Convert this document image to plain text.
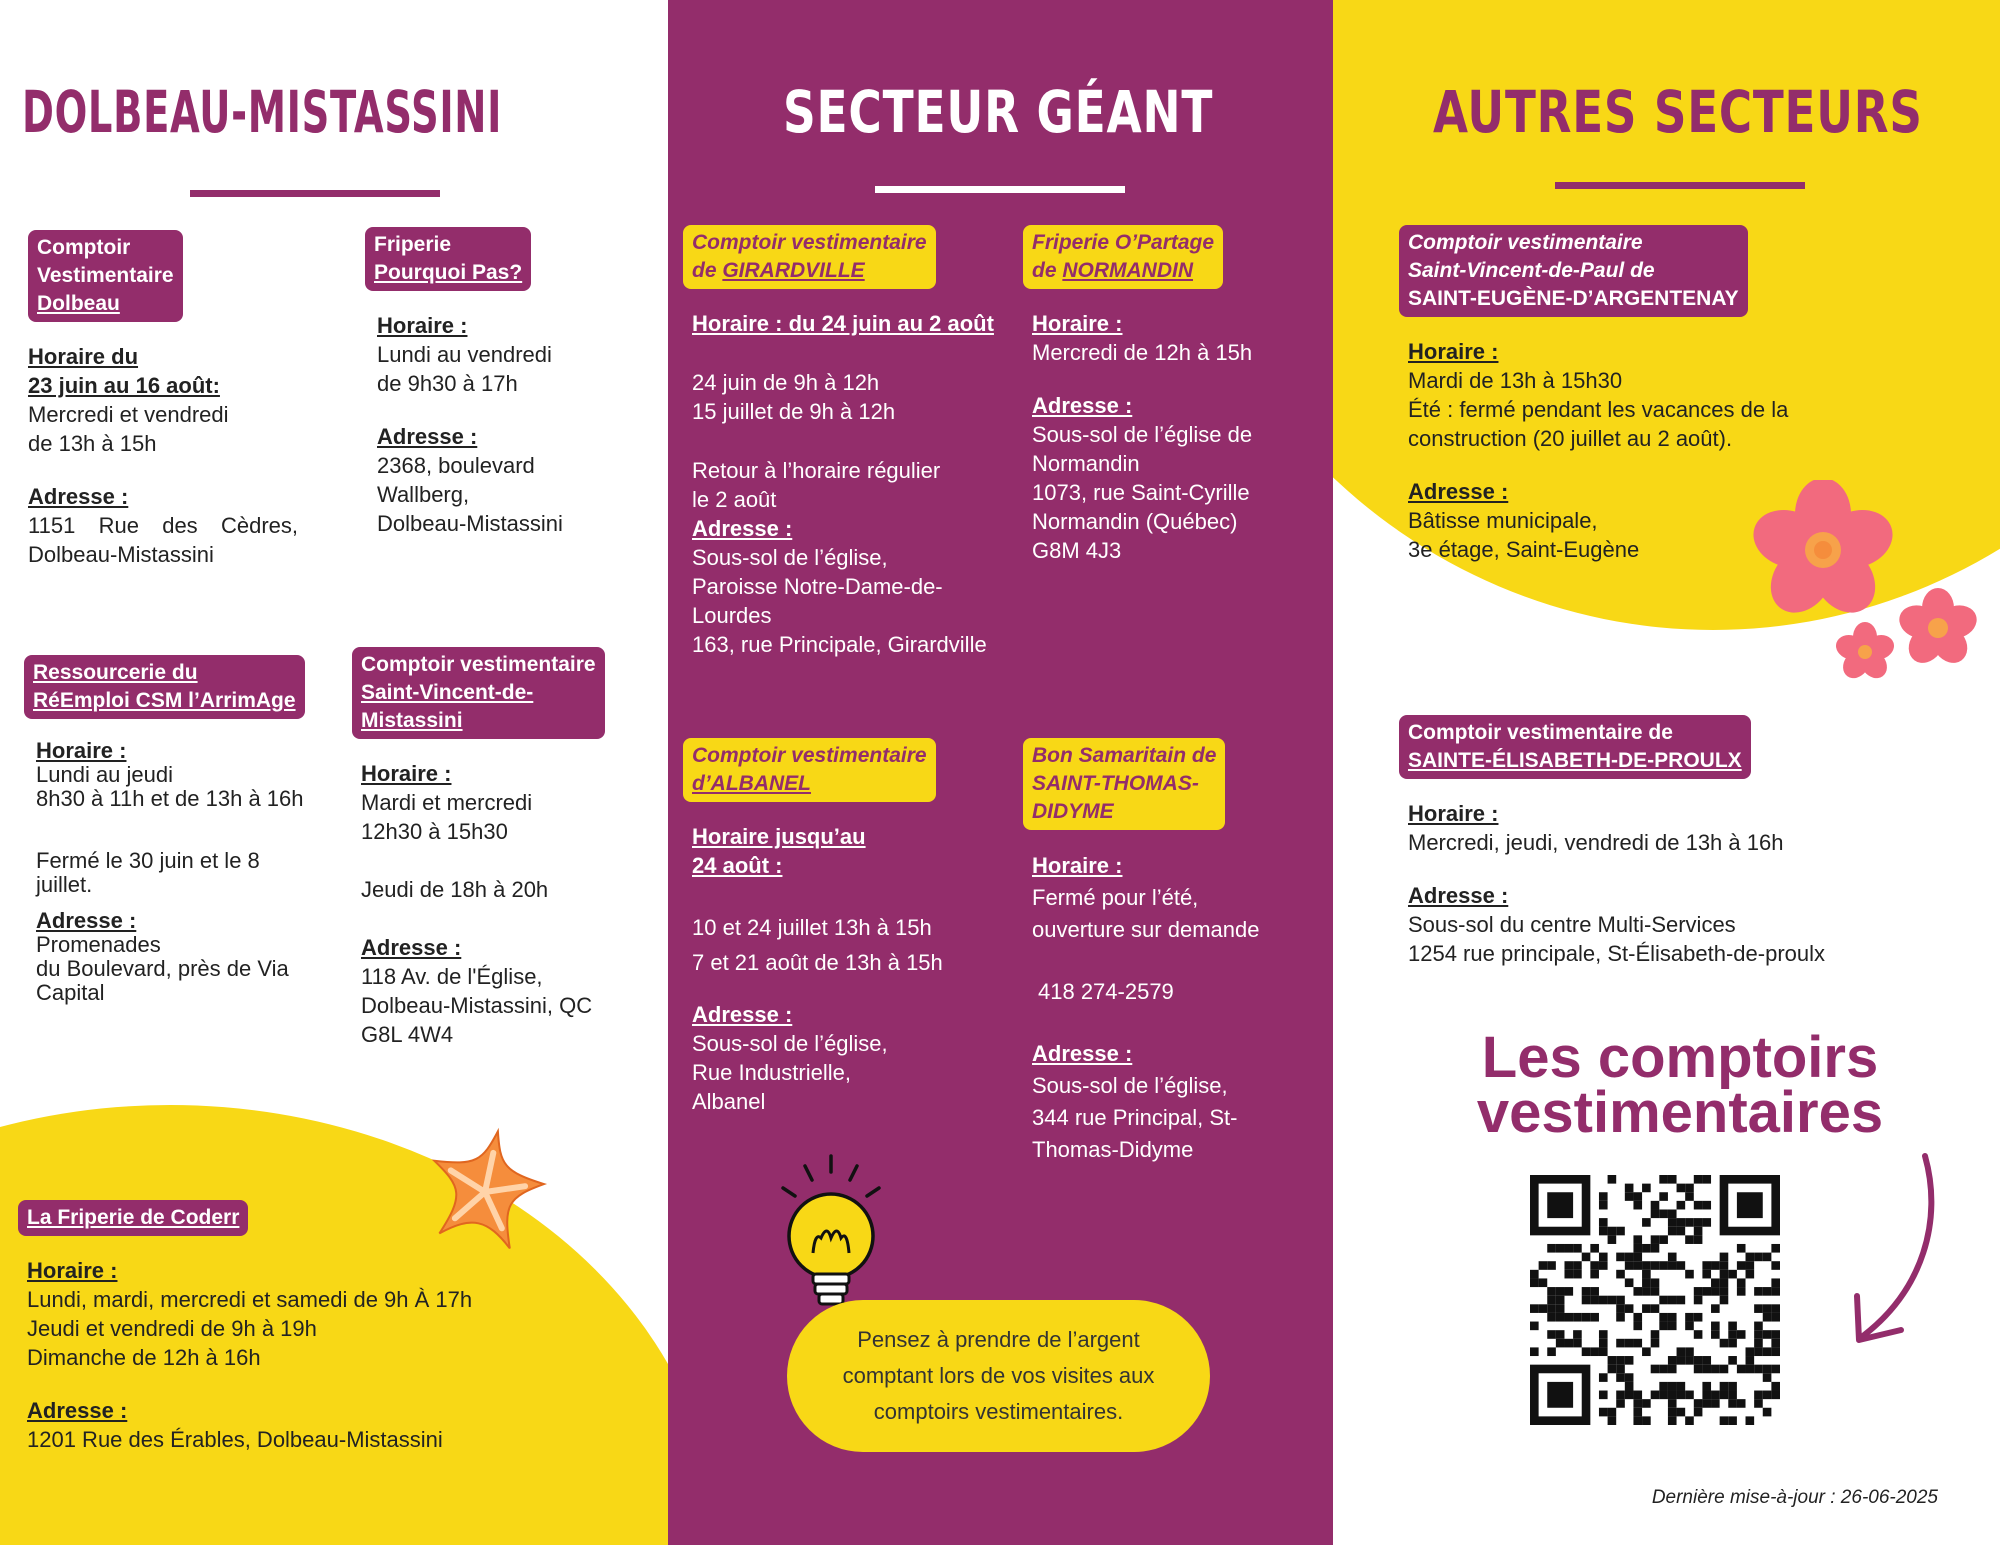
DOLBEAU-MISTASSINI
Comptoir
Vestimentaire
Dolbeau
Horaire du
23 juin au 16 août:
Mercredi et vendredi
de 13h à 15h
Adresse :
1151 Rue des Cèdres,
Dolbeau-Mistassini
Friperie
Pourquoi Pas?
Horaire :
Lundi au vendredi
de 9h30 à 17h
Adresse :
2368, boulevard
Wallberg,
Dolbeau-Mistassini
Ressourcerie du
RéEmploi CSM l’ArrimAge
Horaire :
Lundi au jeudi
8h30 à 11h et de 13h à 16h
Fermé le 30 juin et le 8
juillet.
Adresse :
Promenades
du Boulevard, près de Via
Capital
Comptoir vestimentaire
Saint-Vincent-de-
Mistassini
Horaire :
Mardi et mercredi
12h30 à 15h30
Jeudi de 18h à 20h
Adresse :
118 Av. de l'Église,
Dolbeau-Mistassini, QC
G8L 4W4
La Friperie de Coderr
Horaire :
Lundi, mardi, mercredi et samedi de 9h À 17h
Jeudi et vendredi de 9h à 19h
Dimanche de 12h à 16h
Adresse :
1201 Rue des Érables, Dolbeau-Mistassini
SECTEUR GÉANT
Comptoir vestimentaire
de GIRARDVILLE
Horaire : du 24 juin au 2 août
24 juin de 9h à 12h
15 juillet de 9h à 12h
Retour à l’horaire régulier
le 2 août
Adresse :
Sous-sol de l’église,
Paroisse Notre-Dame-de-
Lourdes
163, rue Principale, Girardville
Friperie O’Partage
de NORMANDIN
Horaire :
Mercredi de 12h à 15h
Adresse :
Sous-sol de l’église de
Normandin
1073, rue Saint-Cyrille
Normandin (Québec)
G8M 4J3
Comptoir vestimentaire
d’ALBANEL
Horaire jusqu’au
24 août :
10 et 24 juillet 13h à 15h
7 et 21 août de 13h à 15h
Adresse :
Sous-sol de l’église,
Rue Industrielle,
Albanel
Bon Samaritain de
SAINT-THOMAS-
DIDYME
Horaire :
Fermé pour l’été,
ouverture sur demande
418 274-2579
Adresse :
Sous-sol de l’église,
344 rue Principal, St-
Thomas-Didyme
Pensez à prendre de l’argent
comptant lors de vos visites aux
comptoirs vestimentaires.
AUTRES SECTEURS
Comptoir vestimentaire
Saint-Vincent-de-Paul de
SAINT-EUGÈNE-D’ARGENTENAY
Horaire :
Mardi de 13h à 15h30
Été : fermé pendant les vacances de la
construction (20 juillet au 2 août).
Adresse :
Bâtisse municipale,
3e étage, Saint-Eugène
Comptoir vestimentaire de
SAINTE-ÉLISABETH-DE-PROULX
Horaire :
Mercredi, jeudi, vendredi de 13h à 16h
Adresse :
Sous-sol du centre Multi-Services
1254 rue principale, St-Élisabeth-de-proulx
Les comptoirs
vestimentaires
Dernière mise-à-jour : 26-06-2025
